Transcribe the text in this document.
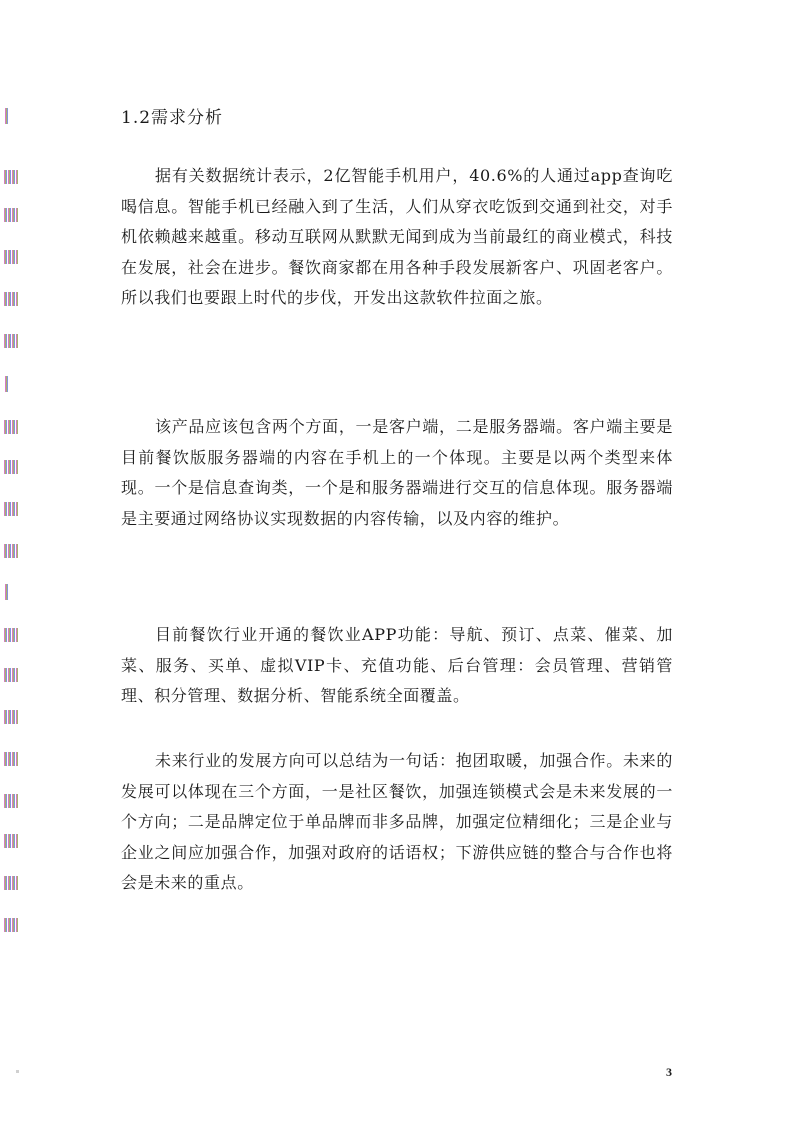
1.2需求分析

据有关数据统计表示，2亿智能手机用户，40.6%的人通过app查询吃喝信息。智能手机已经融入到了生活，人们从穿衣吃饭到交通到社交，对手机依赖越来越重。移动互联网从默默无闻到成为当前最红的商业模式，科技在发展，社会在进步。餐饮商家都在用各种手段发展新客户、巩固老客户。所以我们也要跟上时代的步伐，开发出这款软件拉面之旅。

该产品应该包含两个方面，一是客户端，二是服务器端。客户端主要是目前餐饮版服务器端的内容在手机上的一个体现。主要是以两个类型来体现。一个是信息查询类，一个是和服务器端进行交互的信息体现。服务器端是主要通过网络协议实现数据的内容传输，以及内容的维护。

目前餐饮行业开通的餐饮业APP功能：导航、预订、点菜、催菜、加菜、服务、买单、虚拟VIP卡、充值功能、后台管理：会员管理、营销管理、积分管理、数据分析、智能系统全面覆盖。

未来行业的发展方向可以总结为一句话：抱团取暖，加强合作。未来的发展可以体现在三个方面，一是社区餐饮，加强连锁模式会是未来发展的一个方向；二是品牌定位于单品牌而非多品牌，加强定位精细化；三是企业与企业之间应加强合作，加强对政府的话语权；下游供应链的整合与合作也将会是未来的重点。

3
